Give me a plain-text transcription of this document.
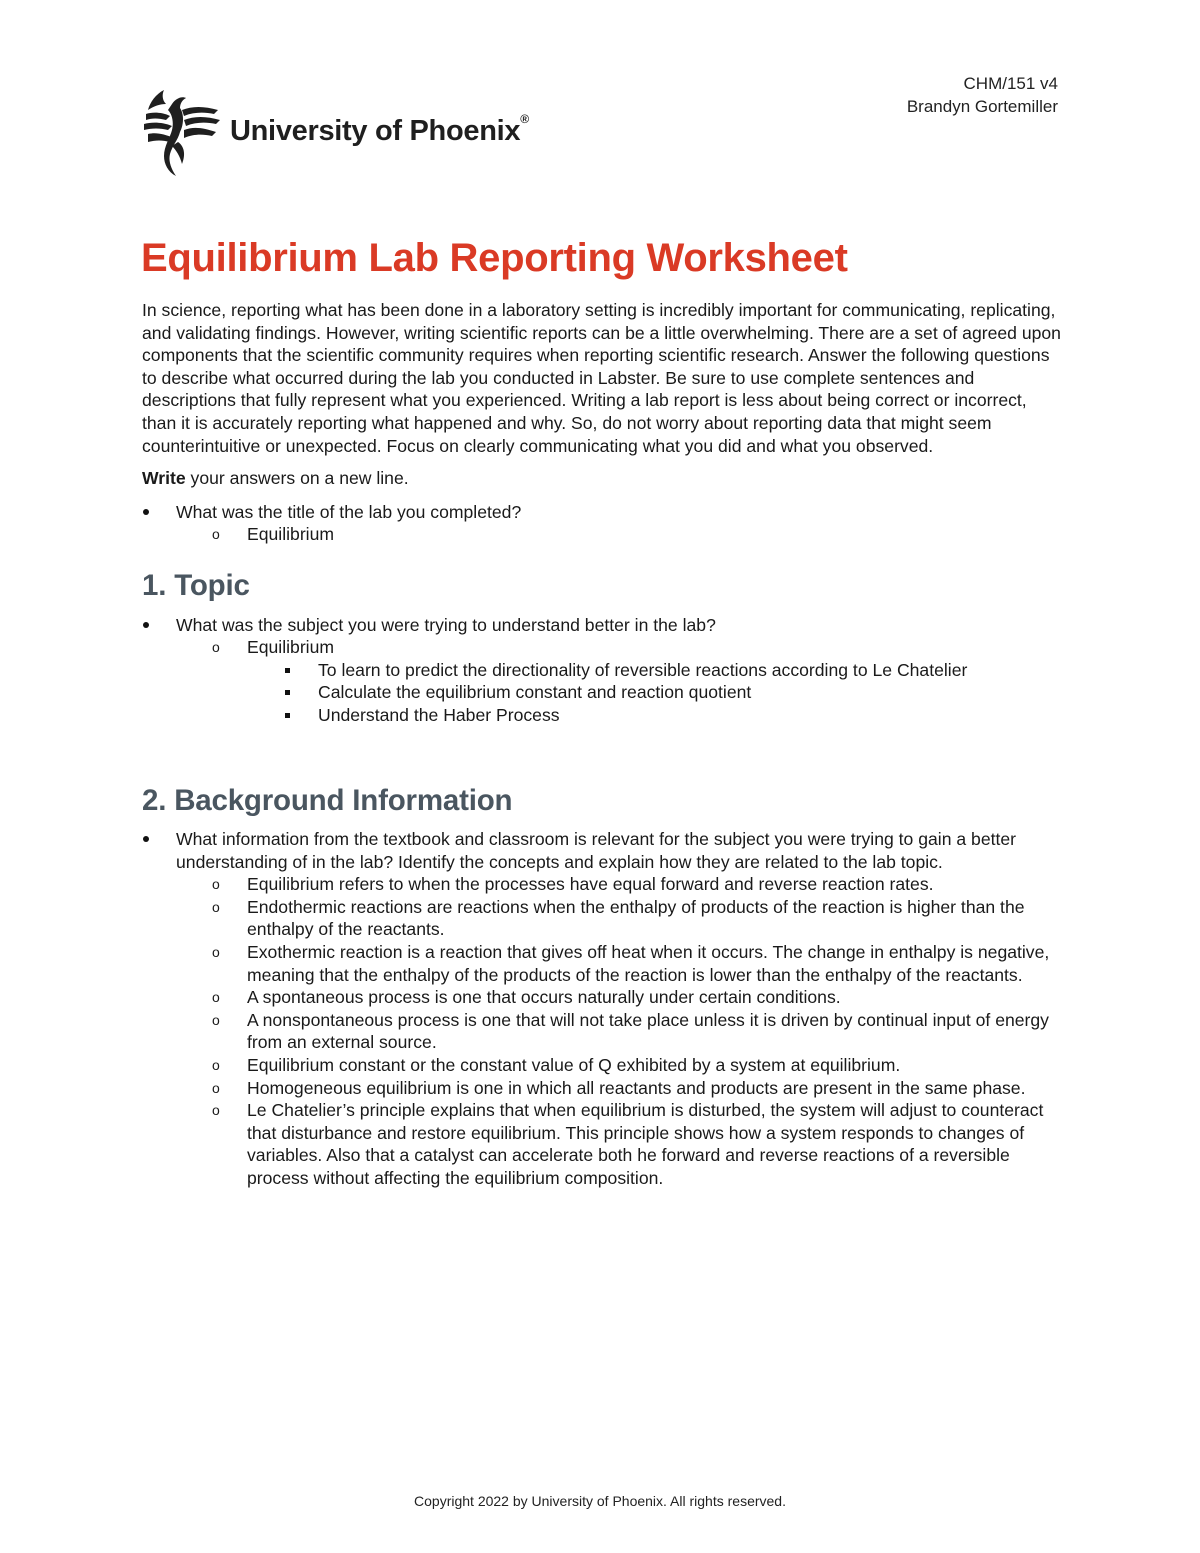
CHM/151 v4
Brandyn Gortemiller
University of Phoenix®
Equilibrium Lab Reporting Worksheet

In science, reporting what has been done in a laboratory setting is incredibly important for communicating, replicating, and validating findings. However, writing scientific reports can be a little overwhelming. There are a set of agreed upon components that the scientific community requires when reporting scientific research. Answer the following questions to describe what occurred during the lab you conducted in Labster. Be sure to use complete sentences and descriptions that fully represent what you experienced. Writing a lab report is less about being correct or incorrect, than it is accurately reporting what happened and why. So, do not worry about reporting data that might seem counterintuitive or unexpected. Focus on clearly communicating what you did and what you observed.

Write your answers on a new line.

What was the title of the lab you completed?
o Equilibrium
1. Topic
What was the subject you were trying to understand better in the lab?
o Equilibrium
To learn to predict the directionality of reversible reactions according to Le Chatelier
Calculate the equilibrium constant and reaction quotient
Understand the Haber Process
2. Background Information
What information from the textbook and classroom is relevant for the subject you were trying to gain a better understanding of in the lab? Identify the concepts and explain how they are related to the lab topic.
o Equilibrium refers to when the processes have equal forward and reverse reaction rates.
o Endothermic reactions are reactions when the enthalpy of products of the reaction is higher than the enthalpy of the reactants.
o Exothermic reaction is a reaction that gives off heat when it occurs. The change in enthalpy is negative, meaning that the enthalpy of the products of the reaction is lower than the enthalpy of the reactants.
o A spontaneous process is one that occurs naturally under certain conditions.
o A nonspontaneous process is one that will not take place unless it is driven by continual input of energy from an external source.
o Equilibrium constant or the constant value of Q exhibited by a system at equilibrium.
o Homogeneous equilibrium is one in which all reactants and products are present in the same phase.
o Le Chatelier’s principle explains that when equilibrium is disturbed, the system will adjust to counteract that disturbance and restore equilibrium. This principle shows how a system responds to changes of variables. Also that a catalyst can accelerate both he forward and reverse reactions of a reversible process without affecting the equilibrium composition.
Copyright 2022 by University of Phoenix. All rights reserved.
